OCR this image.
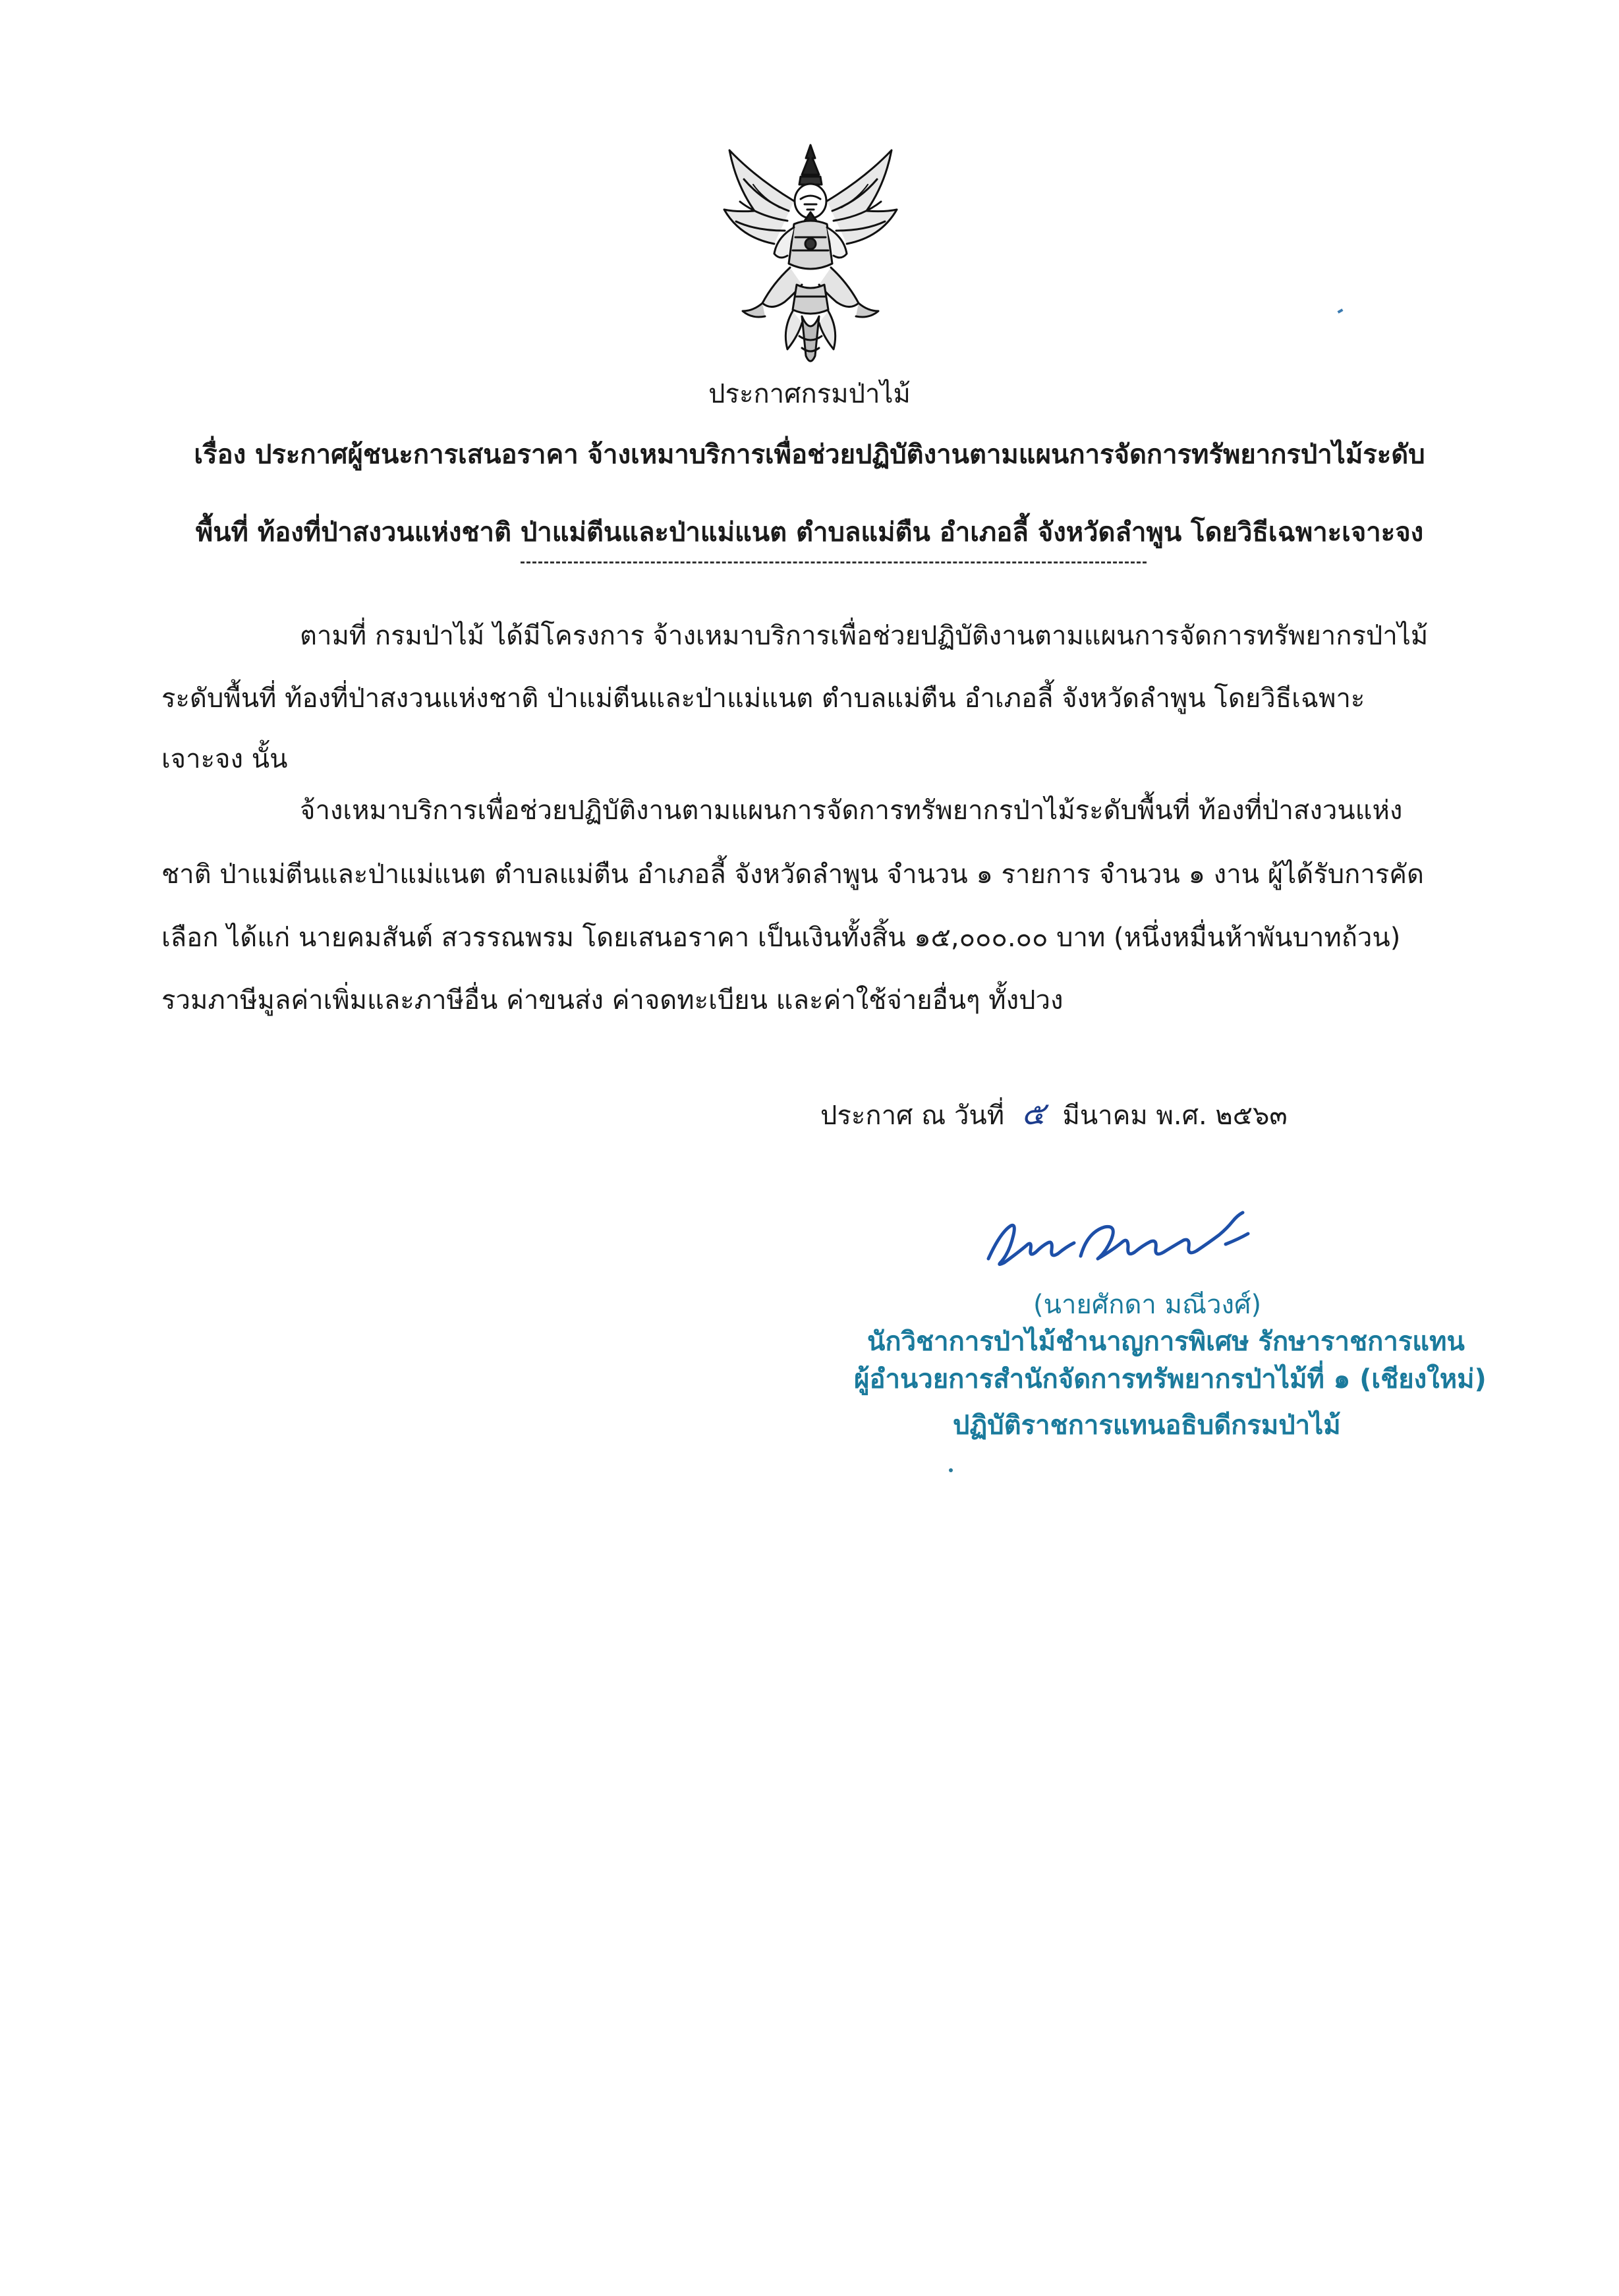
ประกาศกรมป่าไม้
เรื่อง ประกาศผู้ชนะการเสนอราคา จ้างเหมาบริการเพื่อช่วยปฏิบัติงานตามแผนการจัดการทรัพยากรป่าไม้ระดับ
พื้นที่ ท้องที่ป่าสงวนแห่งชาติ ป่าแม่ตีนและป่าแม่แนต ตำบลแม่ตืน อำเภอลี้ จังหวัดลำพูน โดยวิธีเฉพาะเจาะจง
ตามที่ กรมป่าไม้ ได้มีโครงการ จ้างเหมาบริการเพื่อช่วยปฏิบัติงานตามแผนการจัดการทรัพยากรป่าไม้
ระดับพื้นที่ ท้องที่ป่าสงวนแห่งชาติ ป่าแม่ตีนและป่าแม่แนต ตำบลแม่ตืน อำเภอลี้ จังหวัดลำพูน โดยวิธีเฉพาะ
เจาะจง นั้น
จ้างเหมาบริการเพื่อช่วยปฏิบัติงานตามแผนการจัดการทรัพยากรป่าไม้ระดับพื้นที่ ท้องที่ป่าสงวนแห่ง
ชาติ ป่าแม่ตีนและป่าแม่แนต ตำบลแม่ตืน อำเภอลี้ จังหวัดลำพูน จำนวน ๑ รายการ จำนวน ๑ งาน ผู้ได้รับการคัด
เลือก ได้แก่ นายคมสันต์ สวรรณพรม โดยเสนอราคา เป็นเงินทั้งสิ้น ๑๕,๐๐๐.๐๐ บาท (หนึ่งหมื่นห้าพันบาทถ้วน)
รวมภาษีมูลค่าเพิ่มและภาษีอื่น ค่าขนส่ง ค่าจดทะเบียน และค่าใช้จ่ายอื่นๆ ทั้งปวง
ประกาศ ณ วันที่ ๕ มีนาคม พ.ศ. ๒๕๖๓
(นายศักดา มณีวงศ์)
นักวิชาการป่าไม้ชำนาญการพิเศษ รักษาราชการแทน
ผู้อำนวยการสำนักจัดการทรัพยากรป่าไม้ที่ ๑ (เชียงใหม่)
ปฏิบัติราชการแทนอธิบดีกรมป่าไม้
